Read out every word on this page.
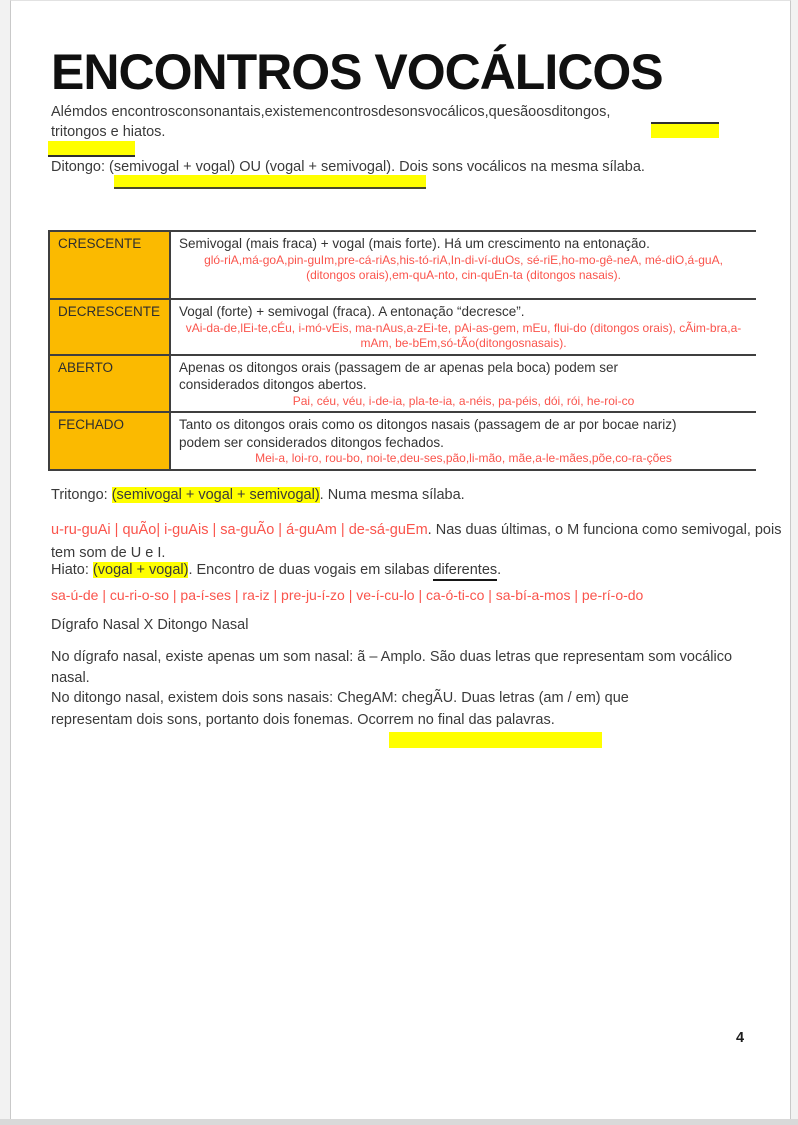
ENCONTROS VOCÁLICOS

Alémdos encontrosconsonantais,existemencontrosdesonsvocálicos,quesãoosditongos,
tritongos e hiatos.

Ditongo: (semivogal + vogal) OU (vogal + semivogal). Dois sons vocálicos na mesma sílaba.

CRESCENTE	Semivogal (mais fraca) + vogal (mais forte). Há um crescimento na entonação.
gló-riA,má-goA,pin-guIm,pre-cá-riAs,his-tó-riA,In-di-ví-duOs, sé-riE,ho-mo-gê-neA, mé-diO,á-guA, (ditongos orais),em-quA-nto, cin-quEn-ta (ditongos nasais).
DECRESCENTE	Vogal (forte) + semivogal (fraca). A entonação “decresce”.
vAi-da-de,lEi-te,cÉu, i-mó-vEis, ma-nAus,a-zEi-te, pAi-as-gem, mEu, flui-do (ditongos orais), cÃim-bra,a-mAm, be-bEm,só-tÃo(ditongosnasais).
ABERTO	Apenas os ditongos orais (passagem de ar apenas pela boca) podem ser considerados ditongos abertos.
Pai, céu, véu, i-de-ia, pla-te-ia, a-néis, pa-péis, dói, rói, he-roi-co
FECHADO	Tanto os ditongos orais como os ditongos nasais (passagem de ar por bocae nariz) podem ser considerados ditongos fechados.
Mei-a, loi-ro, rou-bo, noi-te,deu-ses,pão,li-mão, mãe,a-le-mães,põe,co-ra-ções

Tritongo: (semivogal + vogal + semivogal). Numa mesma sílaba.

u-ru-guAi | quÃo| i-guAis | sa-guÃo | á-guAm | de-sá-guEm. Nas duas últimas, o M funciona como semivogal, pois tem som de U e I.

Hiato: (vogal + vogal). Encontro de duas vogais em silabas diferentes.

sa-ú-de | cu-ri-o-so | pa-í-ses | ra-iz | pre-ju-í-zo | ve-í-cu-lo | ca-ó-ti-co | sa-bí-a-mos | pe-rí-o-do

Dígrafo Nasal X Ditongo Nasal

No dígrafo nasal, existe apenas um som nasal: ã – Amplo. São duas letras que representam som vocálico nasal.

No ditongo nasal, existem dois sons nasais: ChegAM: chegÃU. Duas letras (am / em) que representam dois sons, portanto dois fonemas. Ocorrem no final das palavras.

4
